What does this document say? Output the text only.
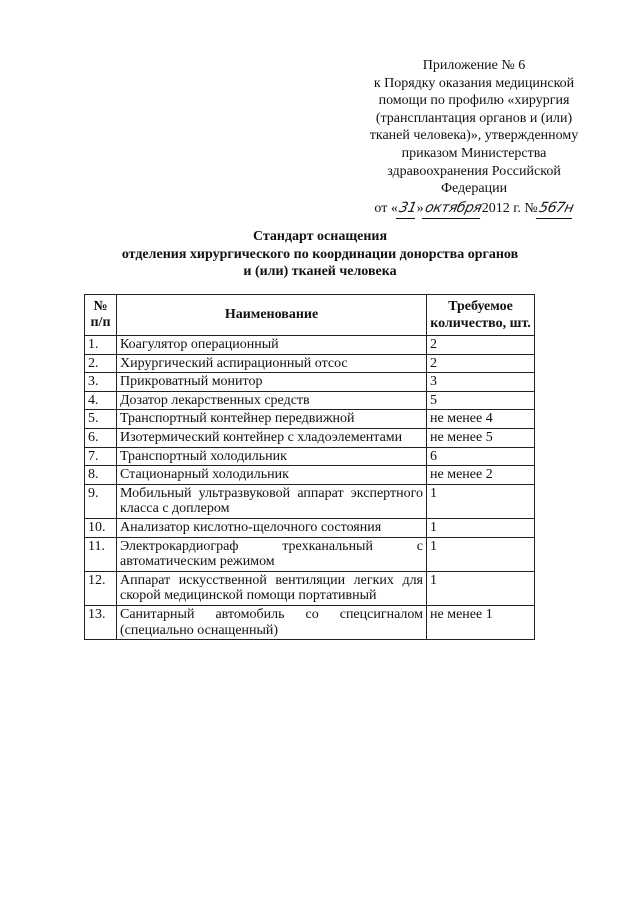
Приложение № 6
к Порядку оказания медицинской
помощи по профилю «хирургия
(трансплантация органов и (или)
тканей человека)», утвержденному
приказом Министерства
здравоохранения Российской
Федерации
от «31»октября2012 г. №567н
Стандарт оснащения
отделения хирургического по координации донорства органов
и (или) тканей человека
№ п/п	Наименование	Требуемое
количество, шт.
1.	Коагулятор операционный	2
2.	Хирургический аспирационный отсос	2
3.	Прикроватный монитор	3
4.	Дозатор лекарственных средств	5
5.	Транспортный контейнер передвижной	не менее 4
6.	Изотермический контейнер с хладоэлементами	не менее 5
7.	Транспортный холодильник	6
8.	Стационарный холодильник	не менее 2
9.	Мобильный ультразвуковой аппарат экспертного класса с доплером	1
10.	Анализатор кислотно-щелочного состояния	1
11.	Электрокардиограф трехканальный с автоматическим режимом	1
12.	Аппарат искусственной вентиляции легких для скорой медицинской помощи портативный	1
13.	Санитарный автомобиль со спецсигналом (специально оснащенный)	не менее 1
